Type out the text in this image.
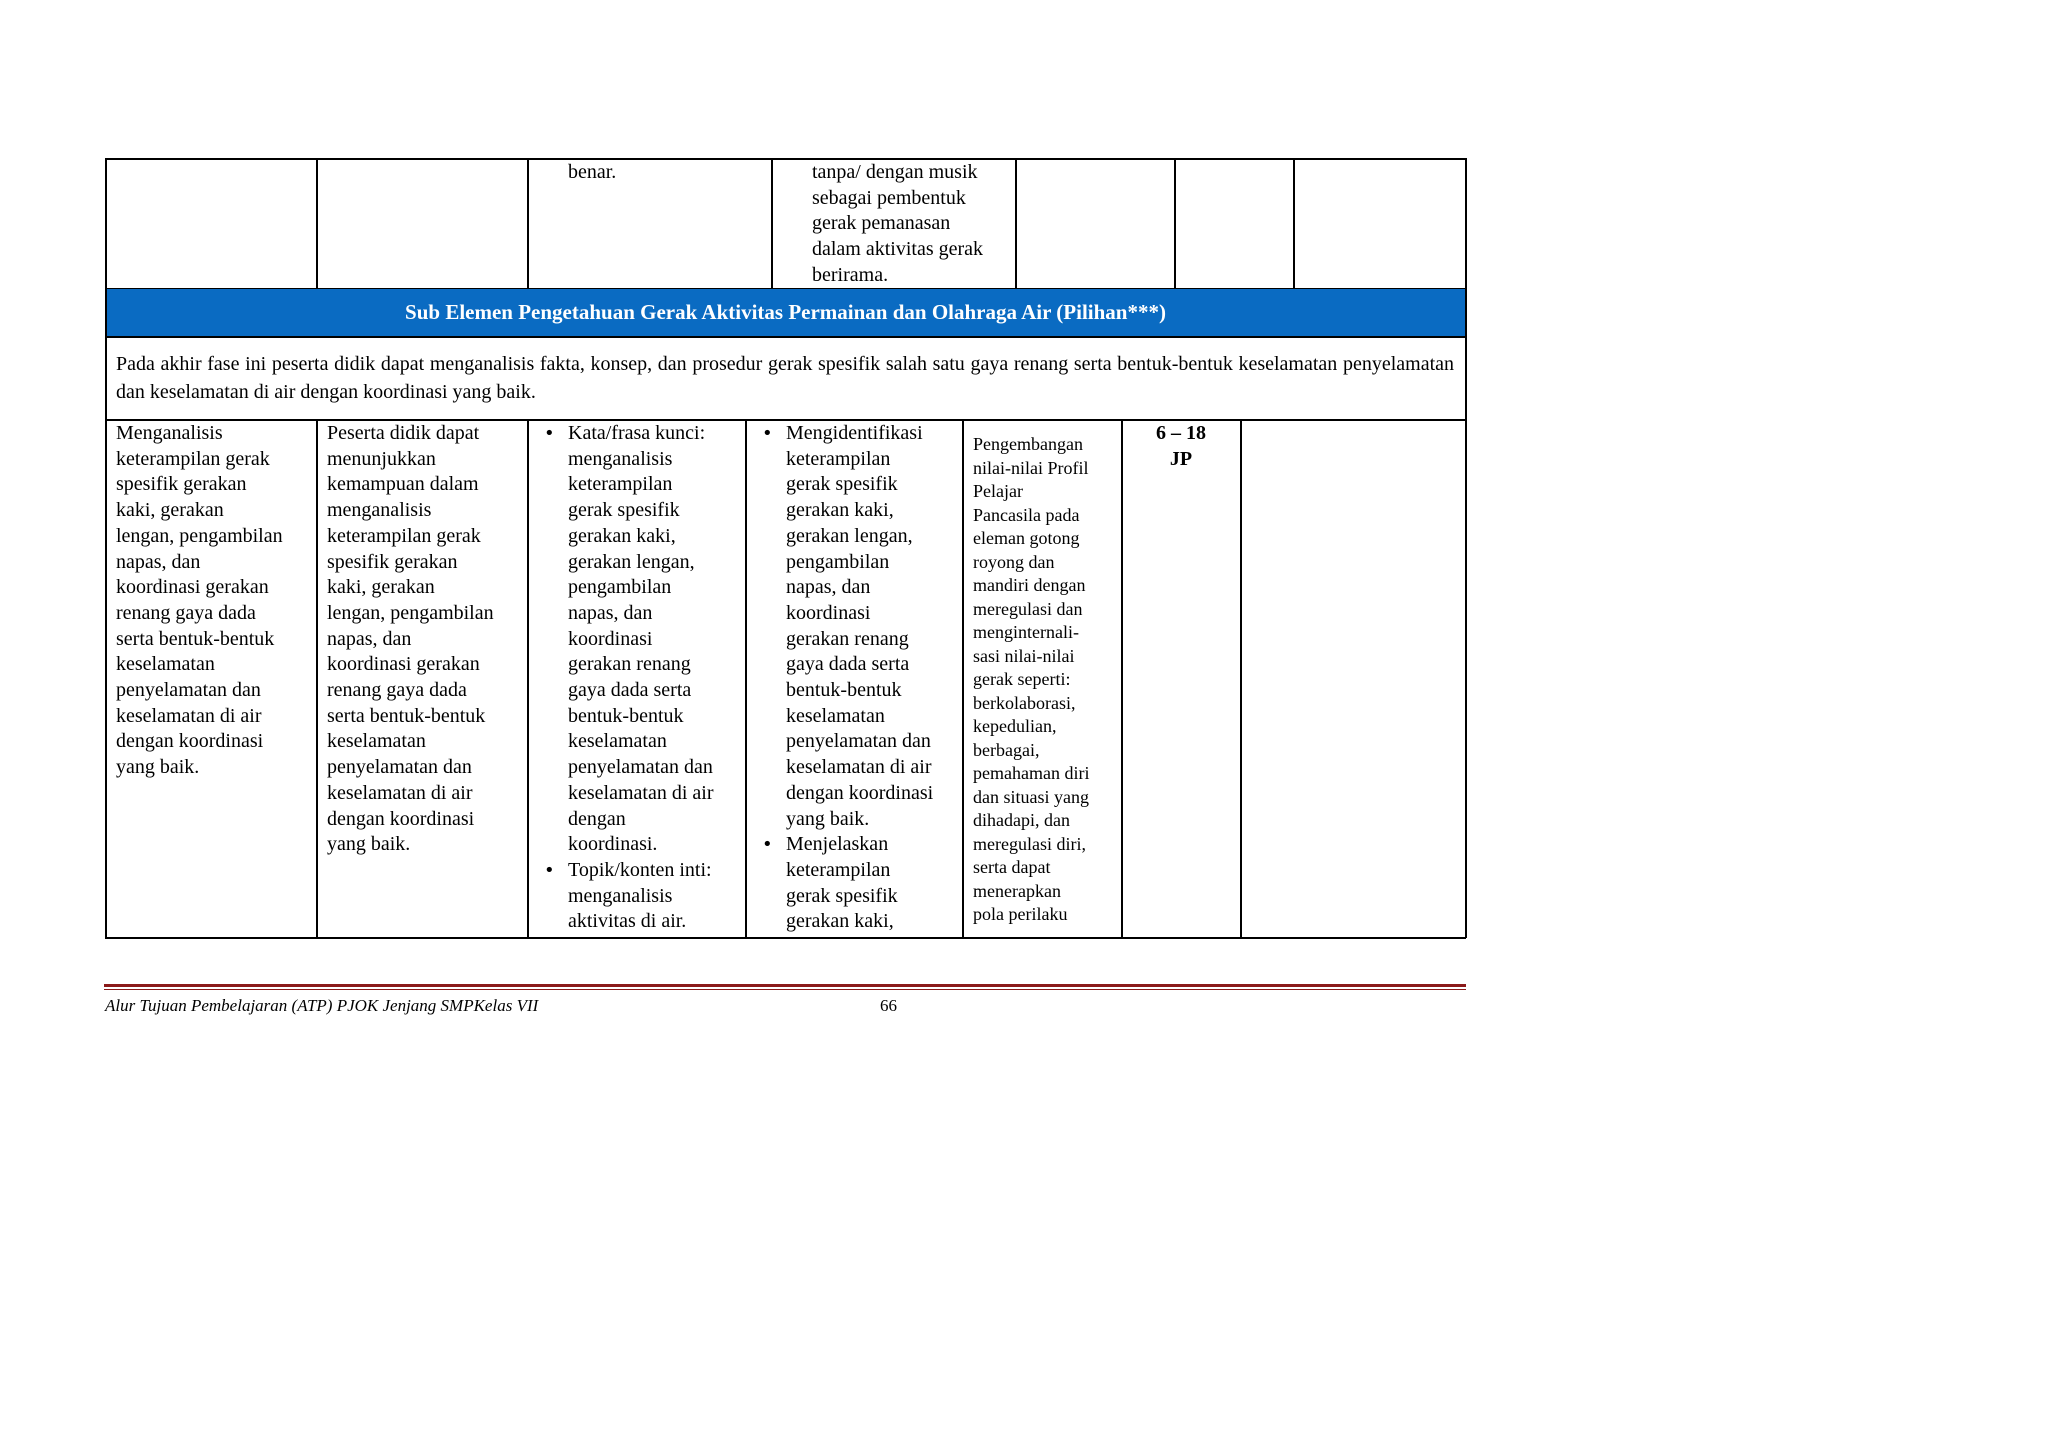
benar.	tanpa/ dengan musik
sebagai pembentuk
gerak pemanasan
dalam aktivitas gerak
berirama.
Sub Elemen Pengetahuan Gerak Aktivitas Permainan dan Olahraga Air (Pilihan***)
Pada akhir fase ini peserta didik dapat menganalisis fakta, konsep, dan prosedur gerak spesifik salah satu gaya renang serta bentuk-bentuk keselamatan penyelamatan dan keselamatan di air dengan koordinasi yang baik.
Menganalisis
keterampilan gerak
spesifik gerakan
kaki, gerakan
lengan, pengambilan
napas, dan
koordinasi gerakan
renang gaya dada
serta bentuk-bentuk
keselamatan
penyelamatan dan
keselamatan di air
dengan koordinasi
yang baik.
Peserta didik dapat
menunjukkan
kemampuan dalam
menganalisis
keterampilan gerak
spesifik gerakan
kaki, gerakan
lengan, pengambilan
napas, dan
koordinasi gerakan
renang gaya dada
serta bentuk-bentuk
keselamatan
penyelamatan dan
keselamatan di air
dengan koordinasi
yang baik.
• Kata/frasa kunci:
menganalisis
keterampilan
gerak spesifik
gerakan kaki,
gerakan lengan,
pengambilan
napas, dan
koordinasi
gerakan renang
gaya dada serta
bentuk-bentuk
keselamatan
penyelamatan dan
keselamatan di air
dengan
koordinasi.
• Topik/konten inti:
menganalisis
aktivitas di air.
• Mengidentifikasi
keterampilan
gerak spesifik
gerakan kaki,
gerakan lengan,
pengambilan
napas, dan
koordinasi
gerakan renang
gaya dada serta
bentuk-bentuk
keselamatan
penyelamatan dan
keselamatan di air
dengan koordinasi
yang baik.
• Menjelaskan
keterampilan
gerak spesifik
gerakan kaki,
Pengembangan
nilai-nilai Profil
Pelajar
Pancasila pada
eleman gotong
royong dan
mandiri dengan
meregulasi dan
menginternali-
sasi nilai-nilai
gerak seperti:
berkolaborasi,
kepedulian,
berbagai,
pemahaman diri
dan situasi yang
dihadapi, dan
meregulasi diri,
serta dapat
menerapkan
pola perilaku
6 – 18
JP
Alur Tujuan Pembelajaran (ATP) PJOK Jenjang SMPKelas VII	66
